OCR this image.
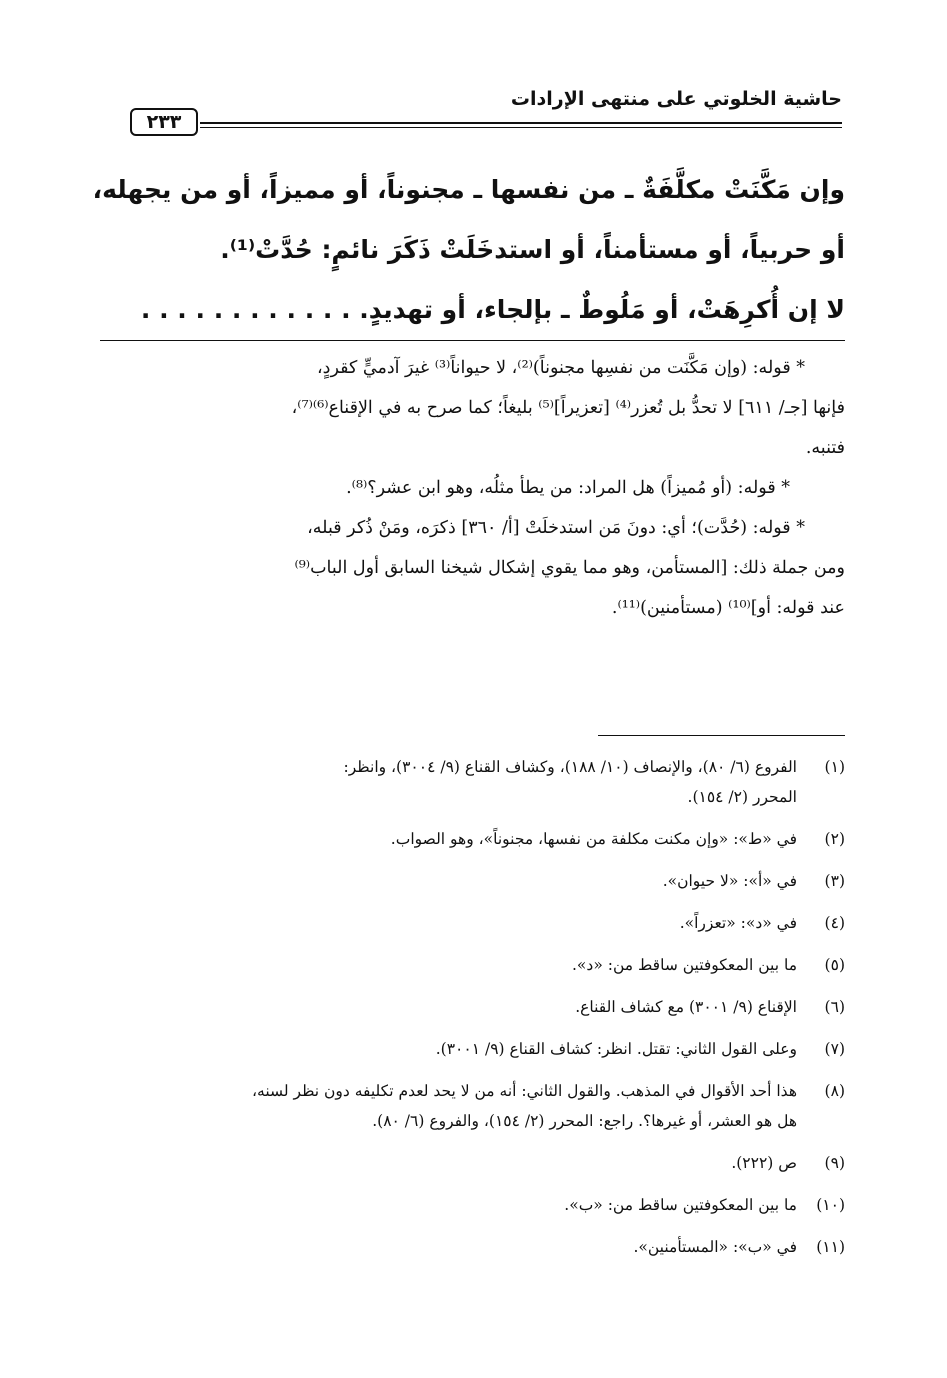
حاشية الخلوتي على منتهى الإرادات
٢٣٣

وإن مَكَّنَتْ مكلَّفَةٌ ـ من نفسها ـ مجنوناً، أو مميزاً، أو من يجهله،

أو حربياً، أو مستأمناً، أو استدخَلَتْ ذَكَرَ نائمٍ: حُدَّتْ⁽¹⁾.

لا إن أُكرِهَتْ، أو مَلُوطٌ ـ بإلجاء، أو تهديدٍ. . . . . . . . . . . . .

* قوله: (وإن مَكَّنَت من نفسِها مجنوناً)⁽²⁾، لا حيواناً⁽³⁾ غيرَ آدميٍّ كقردٍ،

فإنها [جـ/ ٦١١] لا تحدُّ بل تُعزر⁽⁴⁾ [تعزيراً]⁽⁵⁾ بليغاً؛ كما صرح به في الإقناع⁽⁶⁾⁽⁷⁾،

فتنبه.

* قوله: (أو مُميزاً) هل المراد: من يطأ مثلُه، وهو ابن عشر؟⁽⁸⁾.

* قوله: (حُدَّت)؛ أي: دونَ مَن استدخلَتْ [أ/ ٣٦٠] ذكرَه، ومَنْ ذُكر قبله،

ومن جملة ذلك: [المستأمن، وهو مما يقوي إشكال شيخنا السابق أول الباب⁽⁹⁾

عند قوله: أو]⁽¹⁰⁾ (مستأمنين)⁽¹¹⁾.

(١)
الفروع (٦/ ٨٠)، والإنصاف (١٠/ ١٨٨)، وكشاف القناع (٩/ ٣٠٠٤)، وانظر:
المحرر (٢/ ١٥٤).
(٢)
في «ط»: «وإن مكنت مكلفة من نفسها، مجنوناً»، وهو الصواب.
(٣)
في «أ»: «لا حيوان».
(٤)
في «د»: «تعزراً».
(٥)
ما بين المعكوفتين ساقط من: «د».
(٦)
الإقناع (٩/ ٣٠٠١) مع كشاف القناع.
(٧)
وعلى القول الثاني: تقتل. انظر: كشاف القناع (٩/ ٣٠٠١).
(٨)
هذا أحد الأقوال في المذهب. والقول الثاني: أنه من لا يحد لعدم تكليفه دون نظر لسنه،
هل هو العشر، أو غيرها؟. راجع: المحرر (٢/ ١٥٤)، والفروع (٦/ ٨٠).
(٩)
ص (٢٢٢).
(١٠)
ما بين المعكوفتين ساقط من: «ب».
(١١)
في «ب»: «المستأمنين».
